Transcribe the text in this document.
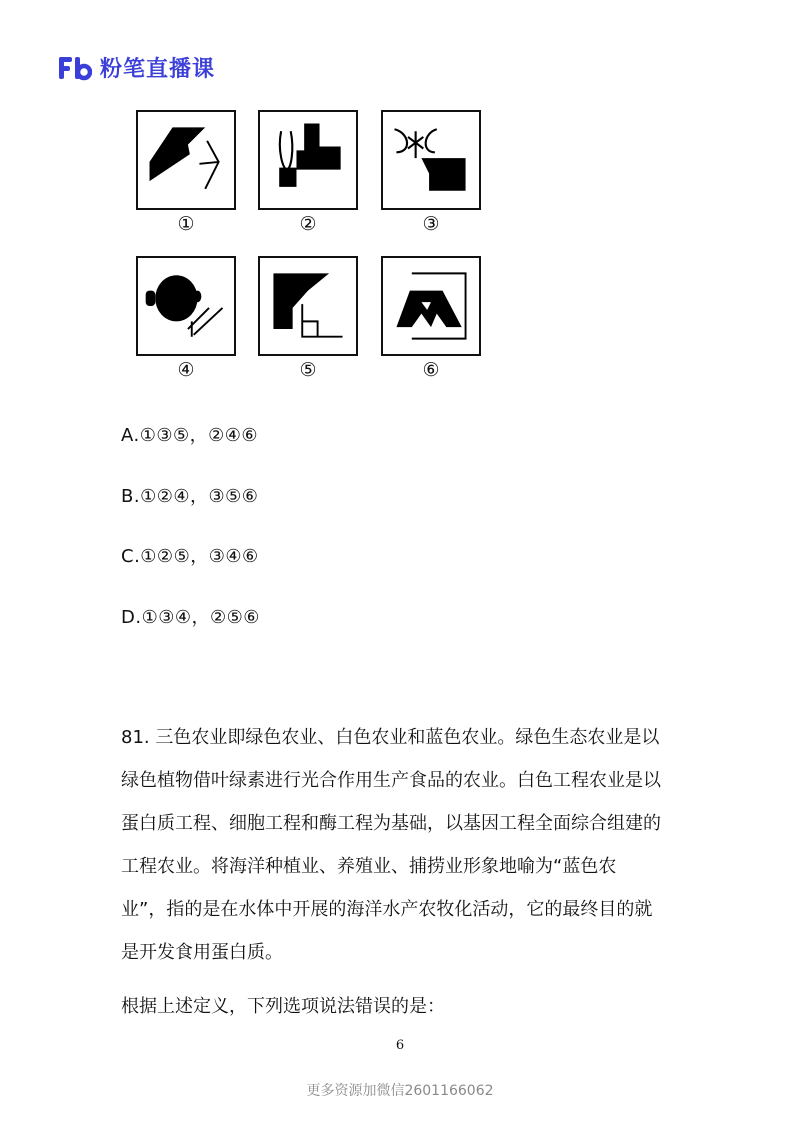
粉笔直播课
①	②	③
④	⑤	⑥
A.①③⑤，②④⑥
B.①②④，③⑤⑥
C.①②⑤，③④⑥
D.①③④，②⑤⑥

81. 三色农业即绿色农业、白色农业和蓝色农业。绿色生态农业是以

绿色植物借叶绿素进行光合作用生产食品的农业。白色工程农业是以

蛋白质工程、细胞工程和酶工程为基础，以基因工程全面综合组建的

工程农业。将海洋种植业、养殖业、捕捞业形象地喻为“蓝色农

业”，指的是在水体中开展的海洋水产农牧化活动，它的最终目的就

是开发食用蛋白质。

根据上述定义，下列选项说法错误的是：
6
更多资源加微信2601166062
